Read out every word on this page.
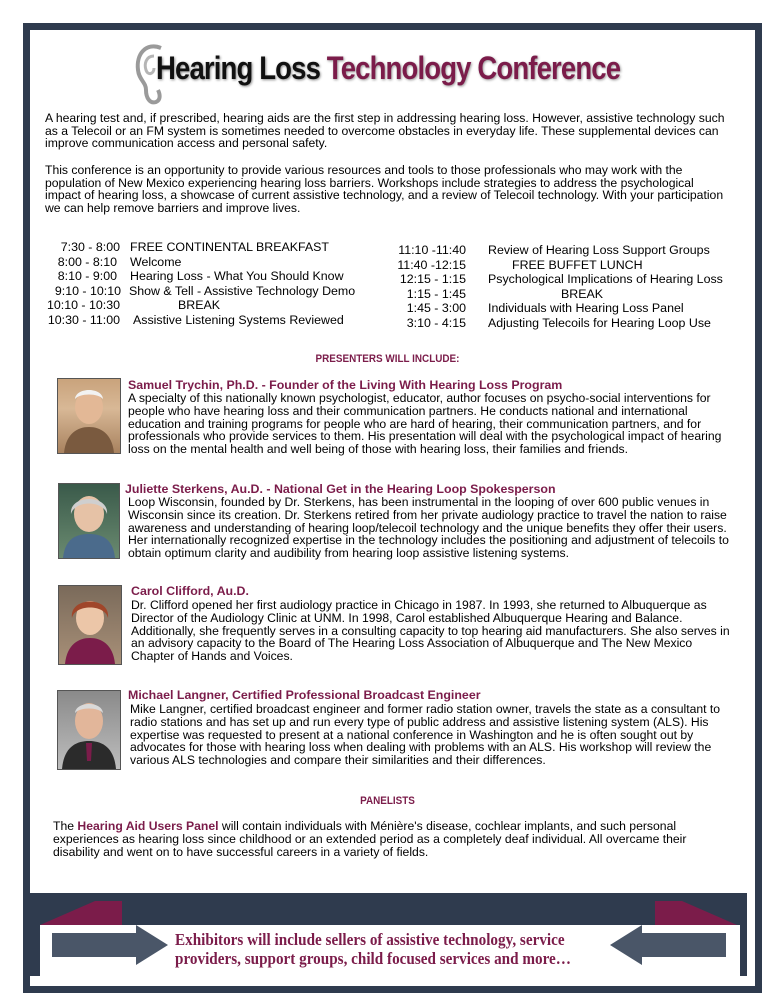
Hearing Loss Technology Conference
A hearing test and, if prescribed, hearing aids are the first step in addressing hearing loss. However, assistive technology such as a Telecoil or an FM system is sometimes needed to overcome obstacles in everyday life. These supplemental devices can improve communication access and personal safety.
This conference is an opportunity to provide various resources and tools to those professionals who may work with the population of New Mexico experiencing hearing loss barriers. Workshops include strategies to address the psychological impact of hearing loss, a showcase of current assistive technology, and a review of Telecoil technology. With your participation we can help remove barriers and improve lives.
7:30 - 8:00 FREE CONTINENTAL BREAKFAST
8:00 - 8:10 Welcome
8:10 - 9:00 Hearing Loss - What You Should Know
9:10 - 10:10 Show & Tell - Assistive Technology Demo
10:10 - 10:30	BREAK
10:30 - 11:00 Assistive Listening Systems Reviewed
11:10 -11:40 Review of Hearing Loss Support Groups
11:40 -12:15	FREE BUFFET LUNCH
12:15 - 1:15 Psychological Implications of Hearing Loss
1:15 - 1:45	BREAK
1:45 - 3:00 Individuals with Hearing Loss Panel
3:10 - 4:15 Adjusting Telecoils for Hearing Loop Use
PRESENTERS WILL INCLUDE:
Samuel Trychin, Ph.D. - Founder of the Living With Hearing Loss Program
A specialty of this nationally known psychologist, educator, author focuses on psycho-social interventions for people who have hearing loss and their communication partners. He conducts national and international education and training programs for people who are hard of hearing, their communication partners, and for professionals who provide services to them. His presentation will deal with the psychological impact of hearing loss on the mental health and well being of those with hearing loss, their families and friends.
Juliette Sterkens, Au.D. - National Get in the Hearing Loop Spokesperson
Loop Wisconsin, founded by Dr. Sterkens, has been instrumental in the looping of over 600 public venues in Wisconsin since its creation. Dr. Sterkens retired from her private audiology practice to travel the nation to raise awareness and understanding of hearing loop/telecoil technology and the unique benefits they offer their users. Her internationally recognized expertise in the technology includes the positioning and adjustment of telecoils to obtain optimum clarity and audibility from hearing loop assistive listening systems.
Carol Clifford, Au.D.
Dr. Clifford opened her first audiology practice in Chicago in 1987. In 1993, she returned to Albuquerque as Director of the Audiology Clinic at UNM. In 1998, Carol established Albuquerque Hearing and Balance. Additionally, she frequently serves in a consulting capacity to top hearing aid manufacturers. She also serves in an advisory capacity to the Board of The Hearing Loss Association of Albuquerque and The New Mexico Chapter of Hands and Voices.
Michael Langner, Certified Professional Broadcast Engineer
Mike Langner, certified broadcast engineer and former radio station owner, travels the state as a consultant to radio stations and has set up and run every type of public address and assistive listening system (ALS). His expertise was requested to present at a national conference in Washington and he is often sought out by advocates for those with hearing loss when dealing with problems with an ALS. His workshop will review the various ALS technologies and compare their similarities and their differences.
PANELISTS
The Hearing Aid Users Panel will contain individuals with Ménière's disease, cochlear implants, and such personal experiences as hearing loss since childhood or an extended period as a completely deaf individual. All overcame their disability and went on to have successful careers in a variety of fields.
Exhibitors will include sellers of assistive technology, service
providers, support groups, child focused services and more…
